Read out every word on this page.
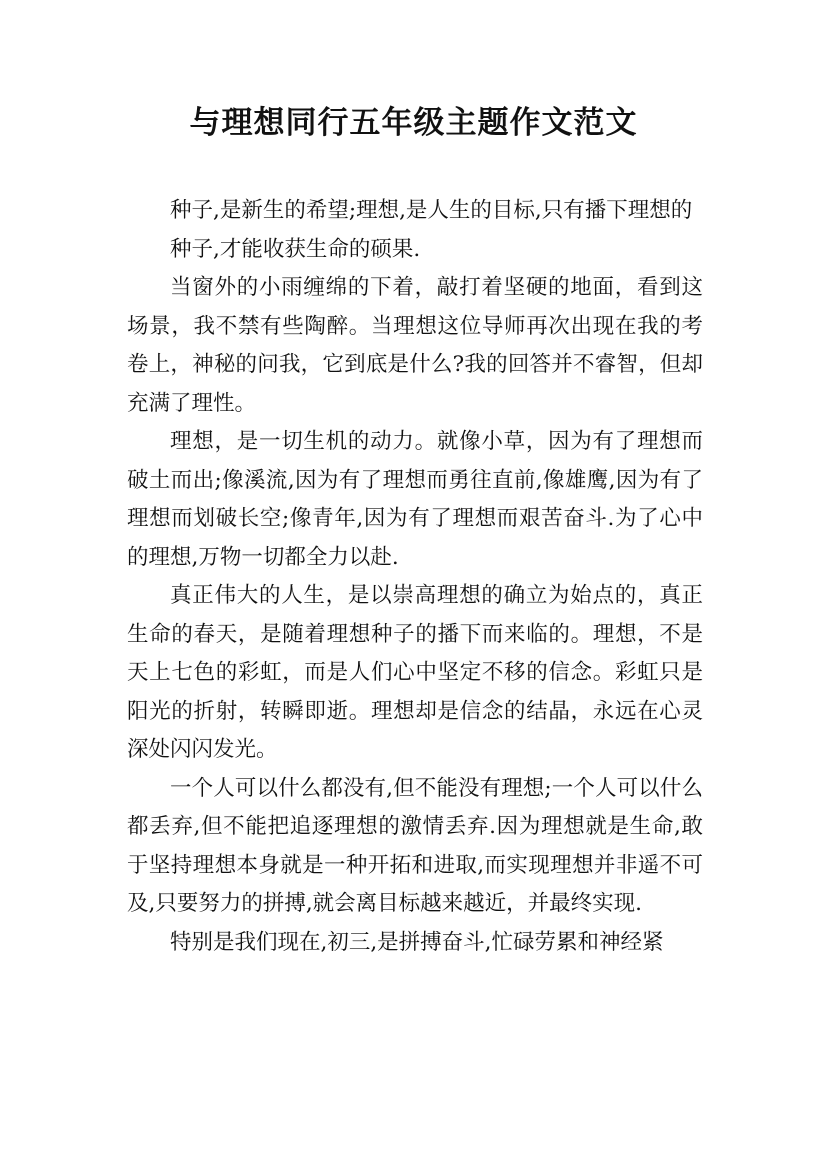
与理想同行五年级主题作文范文

种子,是新生的希望;理想,是人生的目标,只有播下理想的

种子,才能收获生命的硕果.

当窗外的小雨缠绵的下着，敲打着坚硬的地面，看到这场景，我不禁有些陶醉。当理想这位导师再次出现在我的考卷上，神秘的问我，它到底是什么?我的回答并不睿智，但却充满了理性。

理想，是一切生机的动力。就像小草，因为有了理想而破土而出;像溪流,因为有了理想而勇往直前,像雄鹰,因为有了理想而划破长空;像青年,因为有了理想而艰苦奋斗.为了心中的理想,万物一切都全力以赴.

真正伟大的人生，是以崇高理想的确立为始点的，真正生命的春天，是随着理想种子的播下而来临的。理想，不是天上七色的彩虹，而是人们心中坚定不移的信念。彩虹只是阳光的折射，转瞬即逝。理想却是信念的结晶，永远在心灵深处闪闪发光。

一个人可以什么都没有,但不能没有理想;一个人可以什么都丢弃,但不能把追逐理想的激情丢弃.因为理想就是生命,敢于坚持理想本身就是一种开拓和进取,而实现理想并非遥不可及,只要努力的拼搏,就会离目标越来越近，并最终实现.

特别是我们现在,初三,是拼搏奋斗,忙碌劳累和神经紧
